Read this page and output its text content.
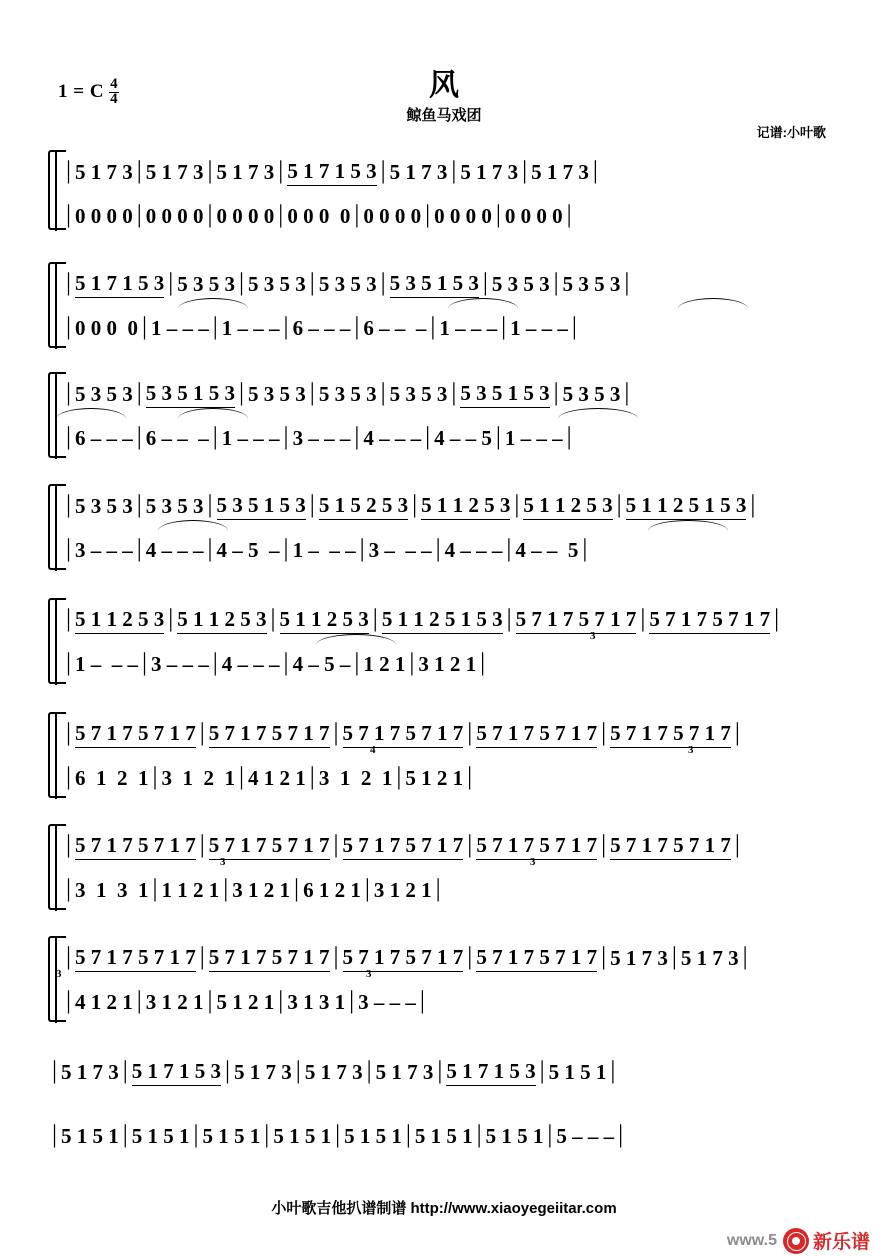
1 = C $\frac{4}{4}$	风
鲸鱼马戏团
记谱:小叶歌
| 5 1 7 3 | 5 1 7 3 | 5 1 7 3 | 5 1 7 1 5 3 | 5 1 7 3 | 5 1 7 3 | 5 1 7 3 |
| 0 0 0 0 | 0 0 0 0 | 0 0 0 0 | 0 0 0  0 | 0 0 0 0 | 0 0 0 0 | 0 0 0 0 |
| 5 1 7 1 5 3 | 5 3 5 3 | 5 3 5 3 | 5 3 5 3 | 5 3 5 1 5 3 | 5 3 5 3 | 5 3 5 3 |
| 0 0 0  0 | 1 – – – | 1 – – – | 6 – – – | 6 – –  – | 1 – – – | 1 – – – |
| 5 3 5 3 | 5 3 5 1 5 3 | 5 3 5 3 | 5 3 5 3 | 5 3 5 3 | 5 3 5 1 5 3 | 5 3 5 3 |
| 6 – – – | 6 – –  – | 1 – – – | 3 – – – | 4 – – – | 4 – – 5 | 1 – – – |
| 5 3 5 3 | 5 3 5 3 | 5 3 5 1 5 3 | 5 1 5 2 5 3 | 5 1 1 2 5 3 | 5 1 1 2 5 3 | 5 1 1 2 5 1 5 3 |
| 3 – – – | 4 – – – | 4 – 5  – | 1 –  – – | 3 –  – – | 4 – – – | 4 – –  5 |
| 5 1 1 2 5 3 | 5 1 1 2 5 3 | 5 1 1 2 5 3 | 5 1 1 2 5 1 5 3 | 5 7 1 7 5 7 1 7 | 5 7 1 7 5 7 1 7 |
| 1 –  – – | 3 – – – | 4 – – – | 4 – 5 – | 1 2 1 | 3 1 2 1 |
3
| 5 7 1 7 5 7 1 7 | 5 7 1 7 5 7 1 7 | 5 7 1 7 5 7 1 7 | 5 7 1 7 5 7 1 7 | 5 7 1 7 5 7 1 7 |
| 6  1  2  1 | 3  1  2  1 | 4 1 2 1 | 3  1  2  1 | 5 1 2 1 |
4	3
| 5 7 1 7 5 7 1 7 | 5 7 1 7 5 7 1 7 | 5 7 1 7 5 7 1 7 | 5 7 1 7 5 7 1 7 | 5 7 1 7 5 7 1 7 |
| 3  1  3  1 | 1 1 2 1 | 3 1 2 1 | 6 1 2 1 | 3 1 2 1 |
3	3
| 5 7 1 7 5 7 1 7 | 5 7 1 7 5 7 1 7 | 5 7 1 7 5 7 1 7 | 5 7 1 7 5 7 1 7 | 5 1 7 3 | 5 1 7 3 |
| 4 1 2 1 | 3 1 2 1 | 5 1 2 1 | 3 1 3 1 | 3 – – – |
3	3
| 5 1 7 3 | 5 1 7 1 5 3 | 5 1 7 3 | 5 1 7 3 | 5 1 7 3 | 5 1 7 1 5 3 | 5 1 5 1 |
| 5 1 5 1 | 5 1 5 1 | 5 1 5 1 | 5 1 5 1 | 5 1 5 1 | 5 1 5 1 | 5 1 5 1 | 5 – – – |
小叶歌吉他扒谱制谱 http://www.xiaoyegeiitar.com
www.5 新乐谱
